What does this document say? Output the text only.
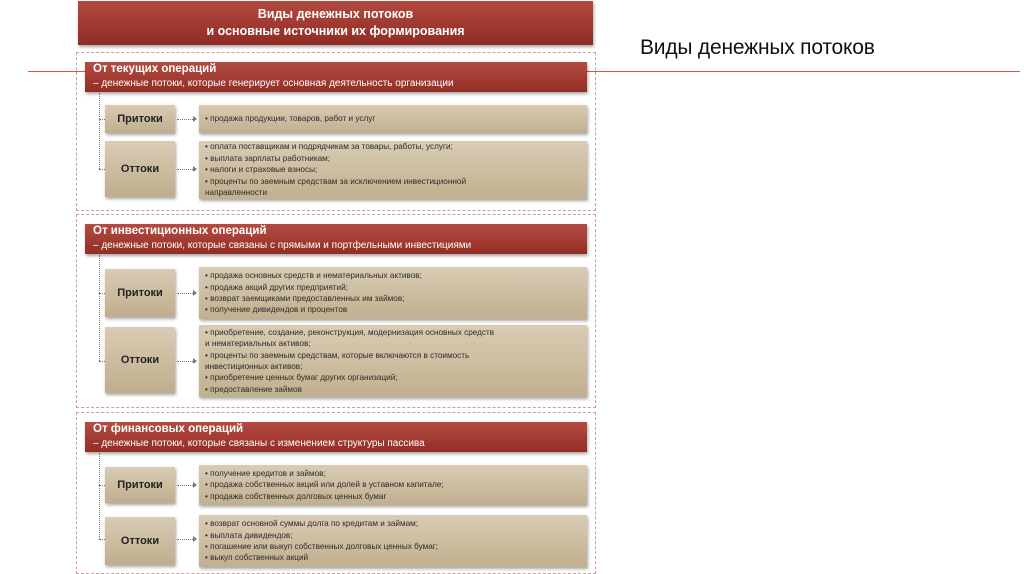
Виды денежных потоков
Виды денежных потоков
и основные источники их формирования
От текущих операций
– денежные потоки, которые генерирует основная деятельность организации
Притоки	• продажа продукции, товаров, работ и услуг
Оттоки
• оплата поставщикам и подрядчикам за товары, работы, услуги;
• выплата зарплаты работникам;
• налоги и страховые взносы;
• проценты по заемным средствам за исключением инвестиционной
направленности
От инвестиционных операций
– денежные потоки, которые связаны с прямыми и портфельными инвестициями
Притоки
• продажа основных средств и нематериальных активов;
• продажа акций других предприятий;
• возврат заемщиками предоставленных им займов;
• получение дивидендов и процентов
Оттоки
• приобретение, создание, реконструкция, модернизация основных средств
и нематериальных активов;
• проценты по заемным средствам, которые включаются в стоимость
инвестиционных активов;
• приобретение ценных бумаг других организаций;
• предоставление займов
От финансовых операций
– денежные потоки, которые связаны с изменением структуры пассива
Притоки
• получение кредитов и займов;
• продажа собственных акций или долей в уставном капитале;
• продажа собственных долговых ценных бумаг
Оттоки
• возврат основной суммы долга по кредитам и займам;
• выплата дивидендов;
• погашение или выкуп собственных долговых ценных бумаг;
• выкуп собственных акций
